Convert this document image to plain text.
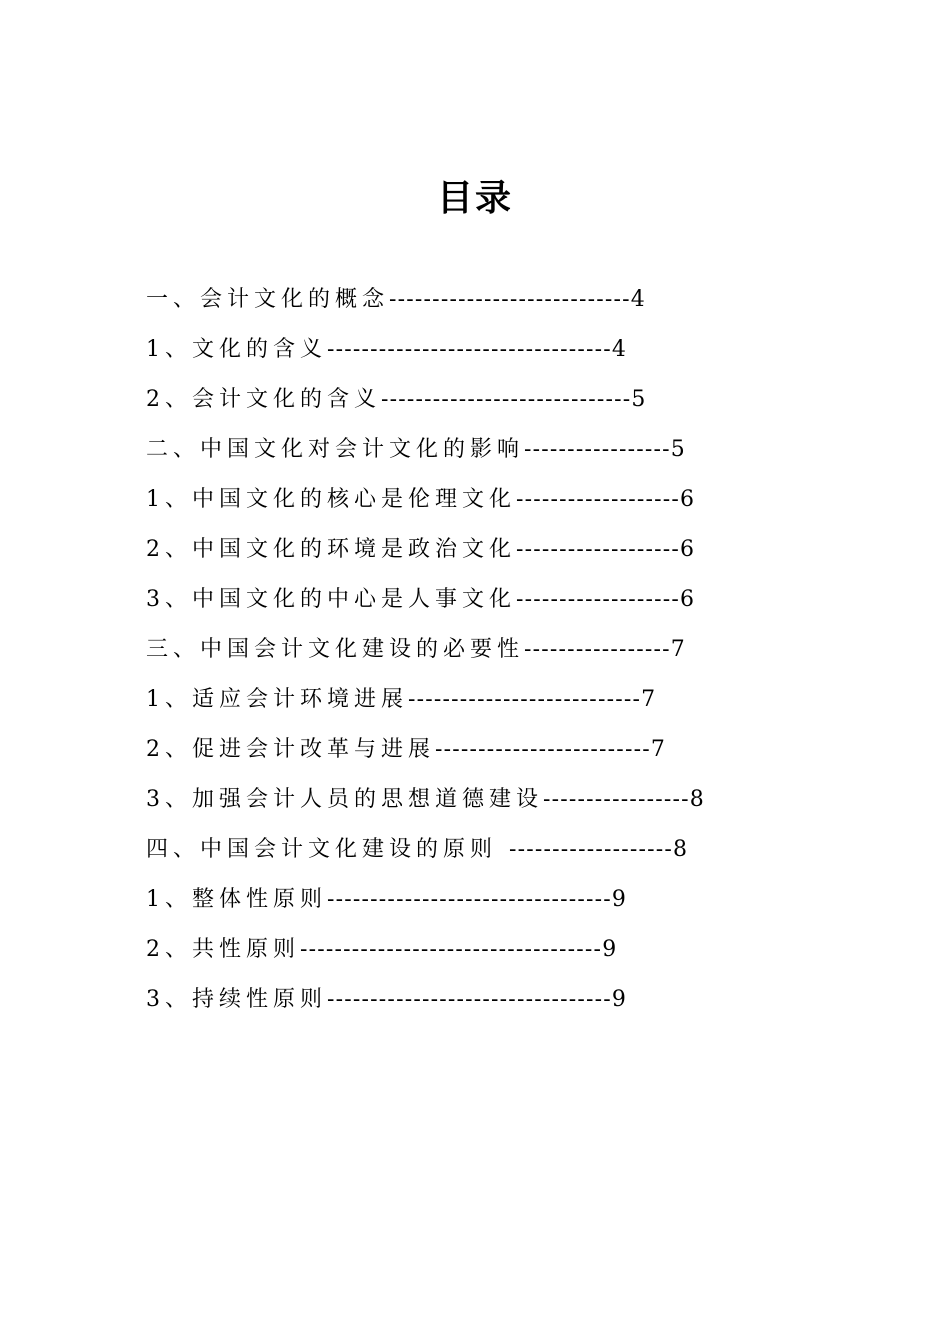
目录
一、会计文化的概念----------------------------4
1、文化的含义---------------------------------4
2、会计文化的含义-----------------------------5
二、中国文化对会计文化的影响-----------------5
1、中国文化的核心是伦理文化-------------------6
2、中国文化的环境是政治文化-------------------6
3、中国文化的中心是人事文化-------------------6
三、中国会计文化建设的必要性-----------------7
1、适应会计环境进展---------------------------7
2、促进会计改革与进展-------------------------7
3、加强会计人员的思想道德建设-----------------8
四、中国会计文化建设的原则 -------------------8
1、整体性原则---------------------------------9
2、共性原则-----------------------------------9
3、持续性原则---------------------------------9
